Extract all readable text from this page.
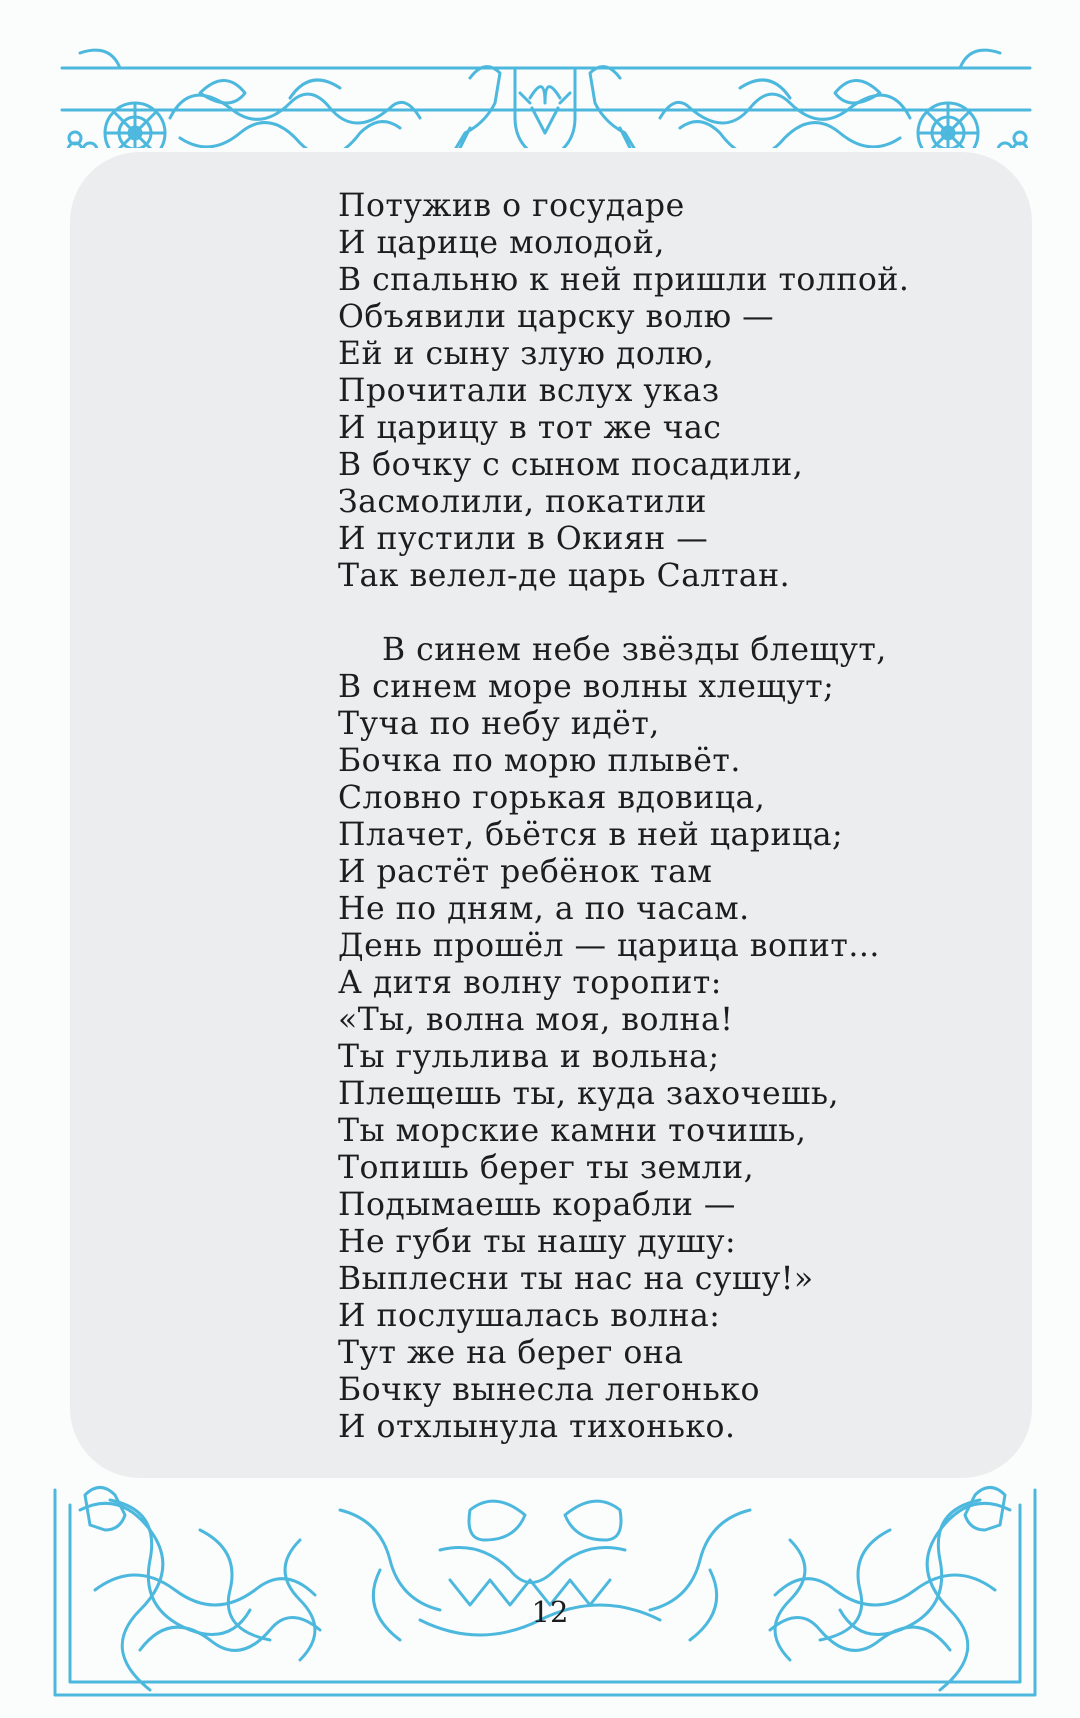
Потужив о государе
И царице молодой,
В спальню к ней пришли толпой.
Объявили царску волю —
Ей и сыну злую долю,
Прочитали вслух указ
И царицу в тот же час
В бочку с сыном посадили,
Засмолили, покатили
И пустили в Окиян —
Так велел-де царь Салтан.
В синем небе звёзды блещут,
В синем море волны хлещут;
Туча по небу идёт,
Бочка по морю плывёт.
Словно горькая вдовица,
Плачет, бьётся в ней царица;
И растёт ребёнок там
Не по дням, а по часам.
День прошёл — царица вопит...
А дитя волну торопит:
«Ты, волна моя, волна!
Ты гульлива и вольна;
Плещешь ты, куда захочешь,
Ты морские камни точишь,
Топишь берег ты земли,
Подымаешь корабли —
Не губи ты нашу душу:
Выплесни ты нас на сушу!»
И послушалась волна:
Тут же на берег она
Бочку вынесла легонько
И отхлынула тихонько.
12
